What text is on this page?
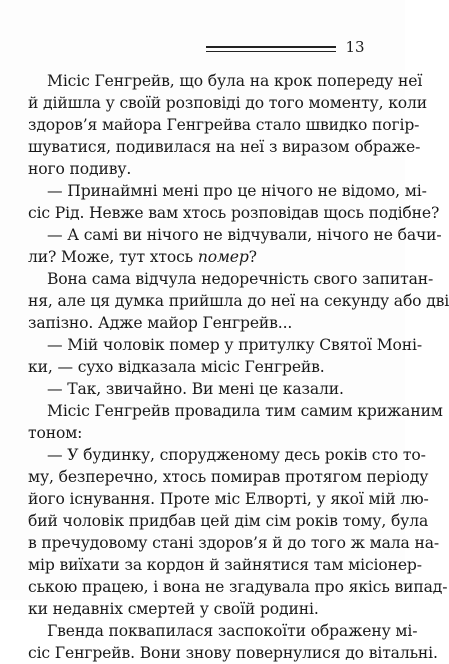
13
Місіс Генгрейв, що була на крок попереду неї
й дійшла у своїй розповіді до того моменту, коли
здоров’я майора Генгрейва стало швидко погір-
шуватися, подивилася на неї з виразом ображе-
ного подиву.
— Принаймні мені про це нічого не відомо, мі-
сіс Рід. Невже вам хтось розповідав щось подібне?
— А самі ви нічого не відчували, нічого не бачи-
ли? Може, тут хтось помер?
Вона сама відчула недоречність свого запитан-
ня, але ця думка прийшла до неї на секунду або дві
запізно. Адже майор Генгрейв...
— Мій чоловік помер у притулку Святої Моні-
ки, — сухо відказала місіс Генгрейв.
— Так, звичайно. Ви мені це казали.
Місіс Генгрейв провадила тим самим крижаним
тоном:
— У будинку, спорудженому десь років сто то-
му, безперечно, хтось помирав протягом періоду
його існування. Проте міс Елворті, у якої мій лю-
бий чоловік придбав цей дім сім років тому, була
в пречудовому стані здоров’я й до того ж мала на-
мір виїхати за кордон й зайнятися там місіонер-
ською працею, і вона не згадувала про якісь випад-
ки недавніх смертей у своїй родині.
Гвенда поквапилася заспокоїти ображену мі-
сіс Генгрейв. Вони знову повернулися до вітальні.
